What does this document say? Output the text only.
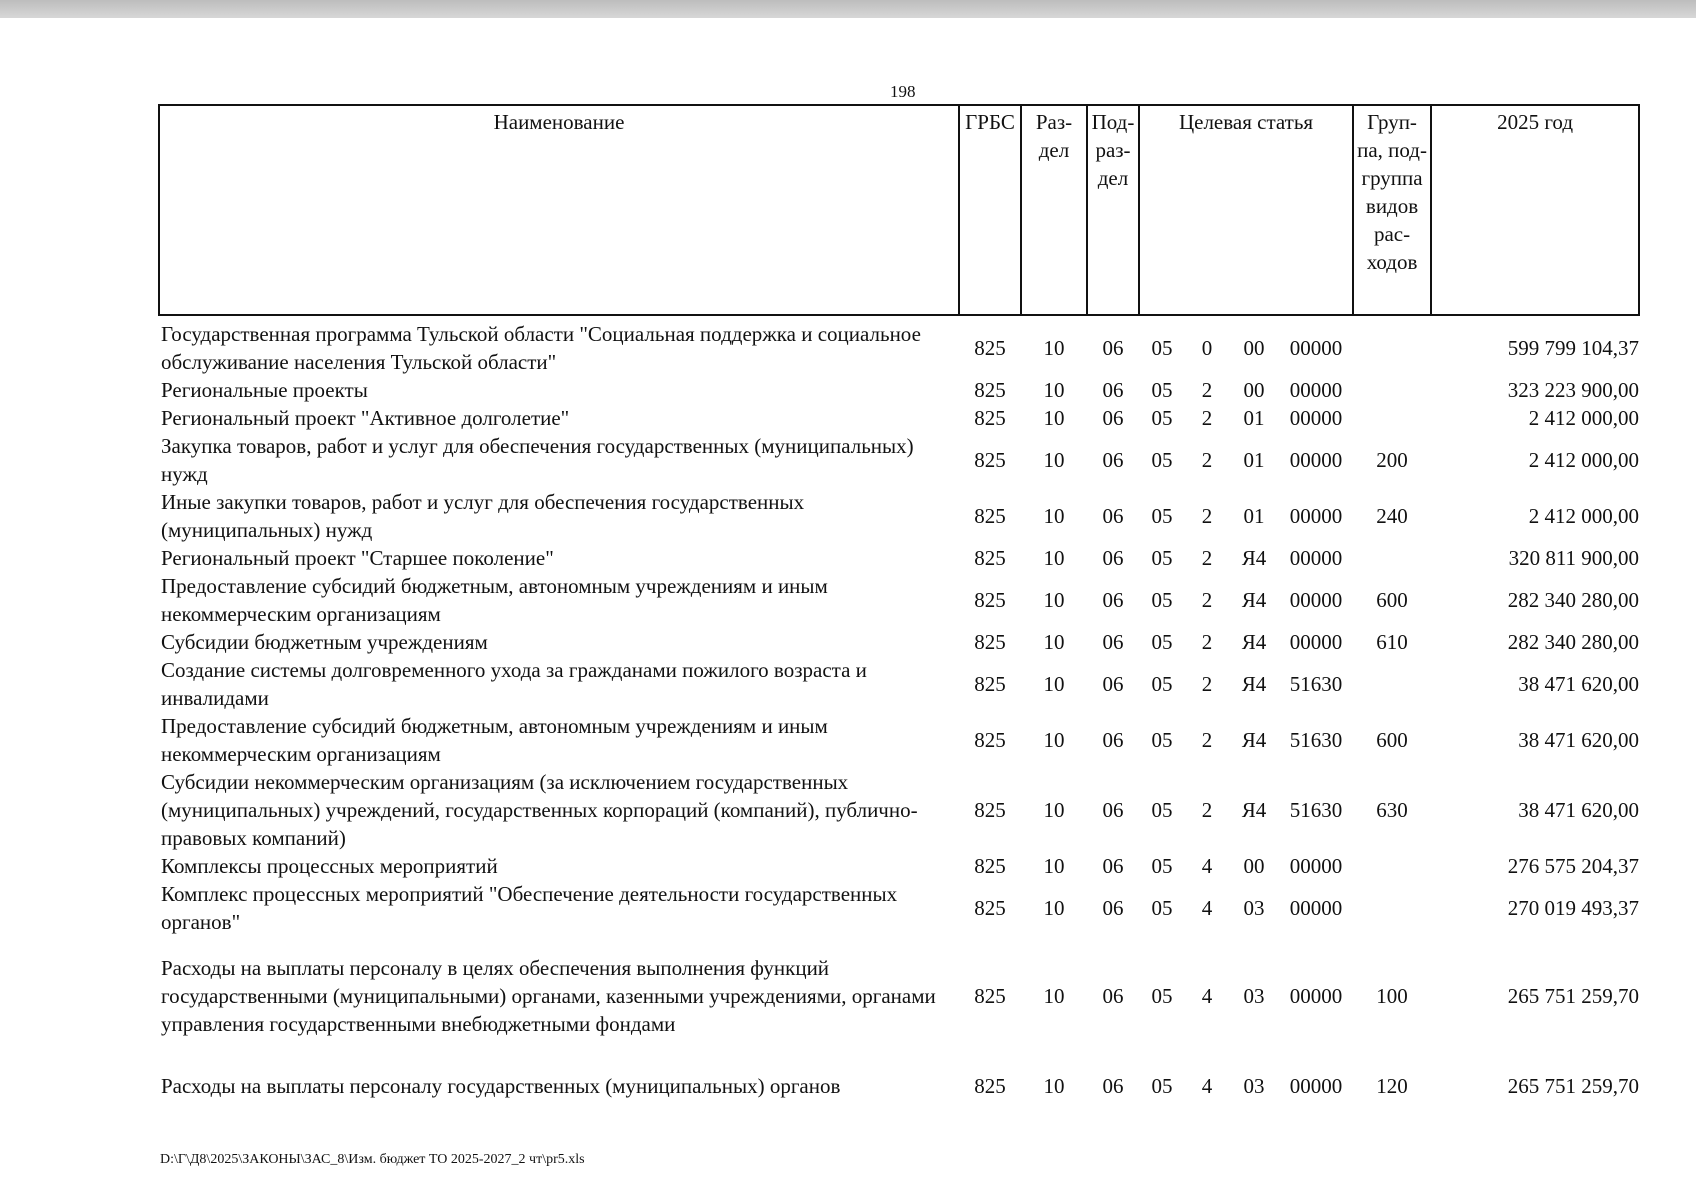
198
Наименование	ГРБС	Раз-дел	Под-раз-дел	Целевая статья				Груп-па, под-группа видов рас-ходов	2025 год
Государственная программа Тульской области "Социальная поддержка и социальное обслуживание населения Тульской области"	825	10	06	05	0	00	00000		599 799 104,37
Региональные проекты	825	10	06	05	2	00	00000		323 223 900,00
Региональный проект "Активное долголетие"	825	10	06	05	2	01	00000		2 412 000,00
Закупка товаров, работ и услуг для обеспечения государственных (муниципальных) нужд	825	10	06	05	2	01	00000	200	2 412 000,00
Иные закупки товаров, работ и услуг для обеспечения государственных (муниципальных) нужд	825	10	06	05	2	01	00000	240	2 412 000,00
Региональный проект "Старшее поколение"	825	10	06	05	2	Я4	00000		320 811 900,00
Предоставление субсидий бюджетным, автономным учреждениям и иным некоммерческим организациям	825	10	06	05	2	Я4	00000	600	282 340 280,00
Субсидии бюджетным учреждениям	825	10	06	05	2	Я4	00000	610	282 340 280,00
Создание системы долговременного ухода за гражданами пожилого возраста и инвалидами	825	10	06	05	2	Я4	51630		38 471 620,00
Предоставление субсидий бюджетным, автономным учреждениям и иным некоммерческим организациям	825	10	06	05	2	Я4	51630	600	38 471 620,00
Субсидии некоммерческим организациям (за исключением государственных (муниципальных) учреждений, государственных корпораций (компаний), публично-правовых компаний)	825	10	06	05	2	Я4	51630	630	38 471 620,00
Комплексы процессных мероприятий	825	10	06	05	4	00	00000		276 575 204,37
Комплекс процессных мероприятий "Обеспечение деятельности государственных органов"	825	10	06	05	4	03	00000		270 019 493,37
Расходы на выплаты персоналу в целях обеспечения выполнения функций государственными (муниципальными) органами, казенными учреждениями, органами управления государственными внебюджетными фондами	825	10	06	05	4	03	00000	100	265 751 259,70
Расходы на выплаты персоналу государственных (муниципальных) органов	825	10	06	05	4	03	00000	120	265 751 259,70
D:\Г\Д8\2025\ЗАКОНЫ\ЗАС_8\Изм. бюджет ТО 2025-2027_2 чт\pr5.xls
